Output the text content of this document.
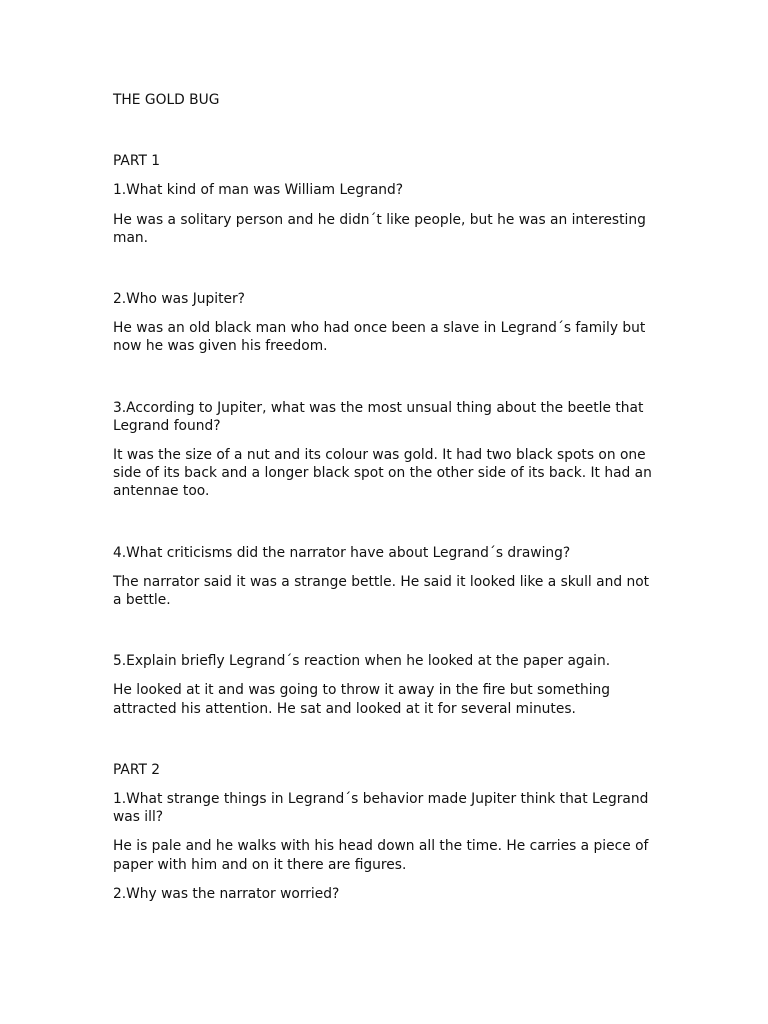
THE GOLD BUG

PART 1

1.What kind of man was William Legrand?

He was a solitary person and he didn´t like people, but he was an interesting man.

2.Who was Jupiter?

He was an old black man who had once been a slave in Legrand´s family but now he was given his freedom.

3.According to Jupiter, what was the most unsual thing about the beetle that Legrand found?

It was the size of a nut and its colour was gold. It had two black spots on one side of its back and a longer black spot on the other side of its back. It had an antennae too.

4.What criticisms did the narrator have about Legrand´s drawing?

The narrator said it was a strange bettle. He said it looked like a skull and not a bettle.

5.Explain briefly Legrand´s reaction when he looked at the paper again.

He looked at it and was going to throw it away in the fire but something attracted his attention. He sat and looked at it for several minutes.

PART 2

1.What strange things in Legrand´s behavior made Jupiter think that Legrand was ill?

He is pale and he walks with his head down all the time. He carries a piece of paper with him and on it there are figures.

2.Why was the narrator worried?
